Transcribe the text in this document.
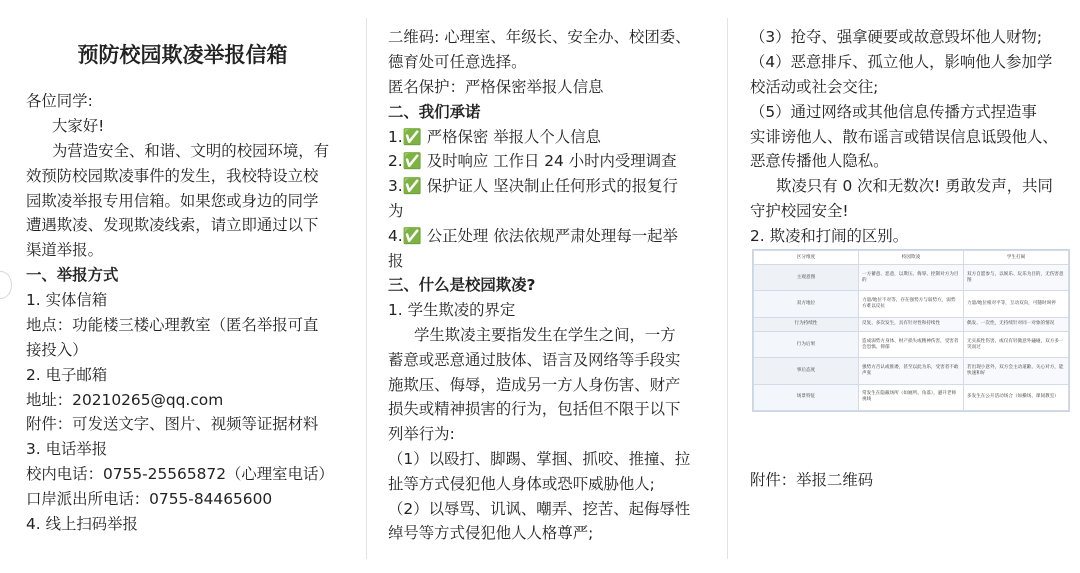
预防校园欺凌举报信箱
各位同学:
大家好!
为营造安全、和谐、文明的校园环境，有
效预防校园欺凌事件的发生，我校特设立校
园欺凌举报专用信箱。如果您或身边的同学
遭遇欺凌、发现欺凌线索，请立即通过以下
渠道举报。
一、举报方式
1. 实体信箱
地点：功能楼三楼心理教室（匿名举报可直
接投入）
2. 电子邮箱
地址：20210265@qq.com
附件：可发送文字、图片、视频等证据材料
3. 电话举报
校内电话：0755-25565872（心理室电话）
口岸派出所电话：0755-84465600
4. 线上扫码举报
二维码: 心理室、年级长、安全办、校团委、
德育处可任意选择。
匿名保护：严格保密举报人信息
二、我们承诺
1.✅ 严格保密 举报人个人信息
2.✅ 及时响应 工作日 24 小时内受理调查
3.✅ 保护证人 坚决制止任何形式的报复行
为
4.✅ 公正处理 依法依规严肃处理每一起举
报
三、什么是校园欺凌?
1. 学生欺凌的界定
学生欺凌主要指发生在学生之间，一方
蓄意或恶意通过肢体、语言及网络等手段实
施欺压、侮辱，造成另一方人身伤害、财产
损失或精神损害的行为，包括但不限于以下
列举行为:
（1）以殴打、脚踢、掌掴、抓咬、推撞、拉
扯等方式侵犯他人身体或恐吓威胁他人;
（2）以辱骂、讥讽、嘲弄、挖苦、起侮辱性
绰号等方式侵犯他人人格尊严;
（3）抢夺、强拿硬要或故意毁坏他人财物;
（4）恶意排斥、孤立他人，影响他人参加学
校活动或社会交往;
（5）通过网络或其他信息传播方式捏造事
实诽谤他人、散布谣言或错误信息诋毁他人、
恶意传播他人隐私。
欺凌只有 0 次和无数次! 勇敢发声，共同
守护校园安全!
2. 欺凌和打闹的区别。
区分维度	校园欺凌	学生打闹
主观意图	一方蓄意、恶意，以欺压、侮辱、控制对方为目的	双方自愿参与，以娱乐、玩乐为目的，无伤害意图
双方地位	力量/地位不对等，存在强势方与弱势方，弱势方难以反抗	力量/地位相对平等，互动双向，可随时叫停
行为持续性	反复、多次发生，具有针对性和持续性	偶发、一次性，无持续针对同一对象的情况
行为后果	造成弱势方身体、财产损失或精神伤害，受害者会恐惧、抑郁	无实质性伤害，或仅有轻微意外磕碰，双方多一笑而过
事后态度	强势方否认或推诿，甚至以此为乐，受害者不敢声张	若出现小意外，双方会主动道歉、关心对方，能快速和好
场景特征	常发生在隐蔽场所（如厕所、角落），避开老师视线	多发生在公开活动场合（如操场、课间教室）
附件：举报二维码
